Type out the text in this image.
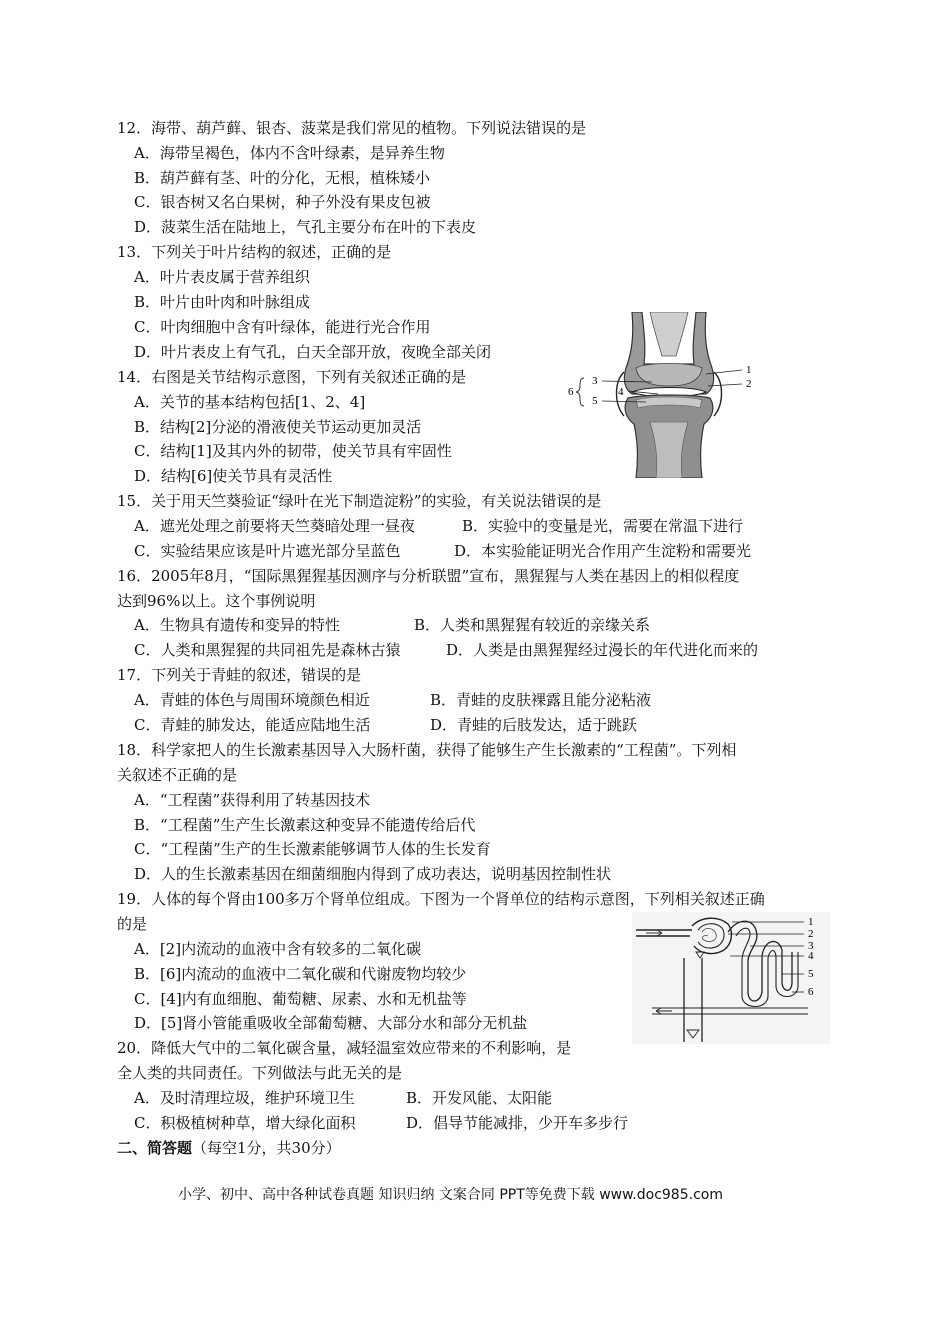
12．海带、葫芦藓、银杏、菠菜是我们常见的植物。下列说法错误的是
A．海带呈褐色，体内不含叶绿素，是异养生物
B．葫芦藓有茎、叶的分化，无根，植株矮小
C．银杏树又名白果树，种子外没有果皮包被
D．菠菜生活在陆地上，气孔主要分布在叶的下表皮
13．下列关于叶片结构的叙述，正确的是
A．叶片表皮属于营养组织
B．叶片由叶肉和叶脉组成
C．叶肉细胞中含有叶绿体，能进行光合作用
D．叶片表皮上有气孔，白天全部开放，夜晚全部关闭
14．右图是关节结构示意图，下列有关叙述正确的是
A．关节的基本结构包括[1、2、4]
B．结构[2]分泌的滑液使关节运动更加灵活
C．结构[1]及其内外的韧带，使关节具有牢固性
D．结构[6]使关节具有灵活性
1
2
3
4
5
6
15．关于用天竺葵验证“绿叶在光下制造淀粉”的实验，有关说法错误的是
A．遮光处理之前要将天竺葵暗处理一昼夜	B．实验中的变量是光，需要在常温下进行
C．实验结果应该是叶片遮光部分呈蓝色	D．本实验能证明光合作用产生淀粉和需要光
16．2005年8月，“国际黑猩猩基因测序与分析联盟”宣布，黑猩猩与人类在基因上的相似程度
达到96%以上。这个事例说明
A．生物具有遗传和变异的特性	B．人类和黑猩猩有较近的亲缘关系
C．人类和黑猩猩的共同祖先是森林古猿	D．人类是由黑猩猩经过漫长的年代进化而来的
17．下列关于青蛙的叙述，错误的是
A．青蛙的体色与周围环境颜色相近	B．青蛙的皮肤裸露且能分泌粘液
C．青蛙的肺发达，能适应陆地生活	D．青蛙的后肢发达，适于跳跃
18．科学家把人的生长激素基因导入大肠杆菌，获得了能够生产生长激素的“工程菌”。下列相
关叙述不正确的是
A．“工程菌”获得利用了转基因技术
B．“工程菌”生产生长激素这种变异不能遗传给后代
C．“工程菌”生产的生长激素能够调节人体的生长发育
D．人的生长激素基因在细菌细胞内得到了成功表达，说明基因控制性状
19．人体的每个肾由100多万个肾单位组成。下图为一个肾单位的结构示意图，下列相关叙述正确
的是
A．[2]内流动的血液中含有较多的二氧化碳
B．[6]内流动的血液中二氧化碳和代谢废物均较少
C．[4]内有血细胞、葡萄糖、尿素、水和无机盐等
D．[5]肾小管能重吸收全部葡萄糖、大部分水和部分无机盐
1
2
3
4
5
6
20．降低大气中的二氧化碳含量，减轻温室效应带来的不利影响，是
全人类的共同责任。下列做法与此无关的是
A．及时清理垃圾，维护环境卫生	B．开发风能、太阳能
C．积极植树种草，增大绿化面积	D．倡导节能减排，少开车多步行
二、简答题（每空1分，共30分）
小学、初中、高中各种试卷真题 知识归纳 文案合同 PPT等免费下载 www.doc985.com
